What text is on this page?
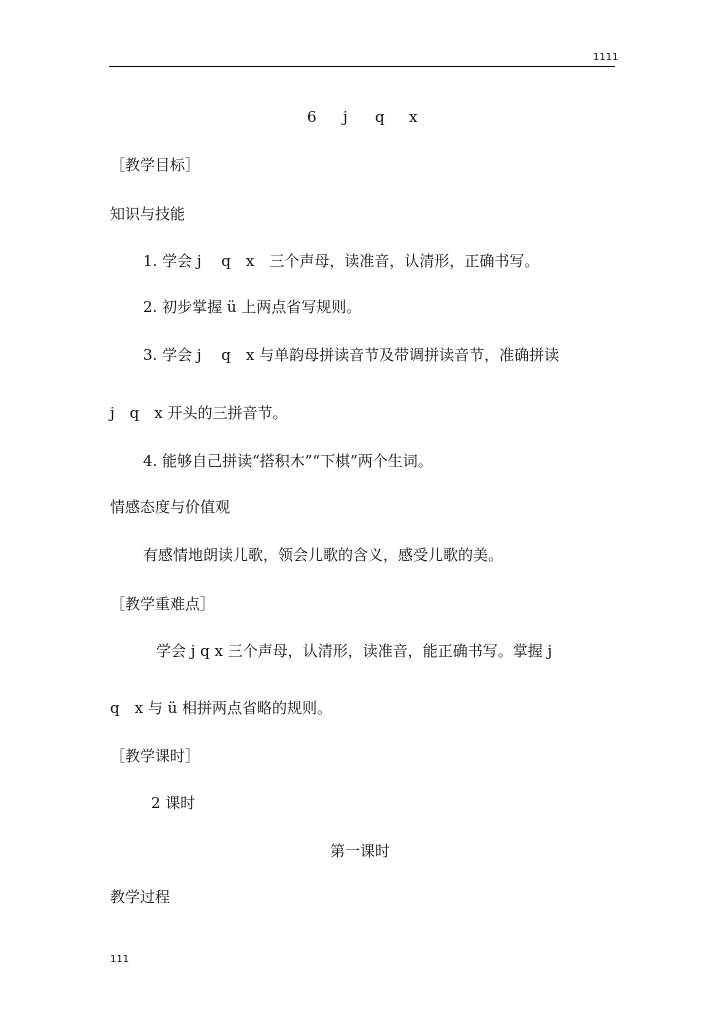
1111
6 j q x
［教学目标］
知识与技能
1. 学会 j　 q　x　三个声母，读准音，认清形，正确书写。
2. 初步掌握 ü 上两点省写规则。
3. 学会 j　 q　x 与单韵母拼读音节及带调拼读音节，准确拼读
j　q　x 开头的三拼音节。
4. 能够自己拼读“搭积木”“下棋”两个生词。
情感态度与价值观
有感情地朗读儿歌，领会儿歌的含义，感受儿歌的美。
［教学重难点］
学会 j q x 三个声母，认清形，读准音，能正确书写。掌握 j
q　x 与 ü 相拼两点省略的规则。
［教学课时］
2 课时
第一课时
教学过程
111
